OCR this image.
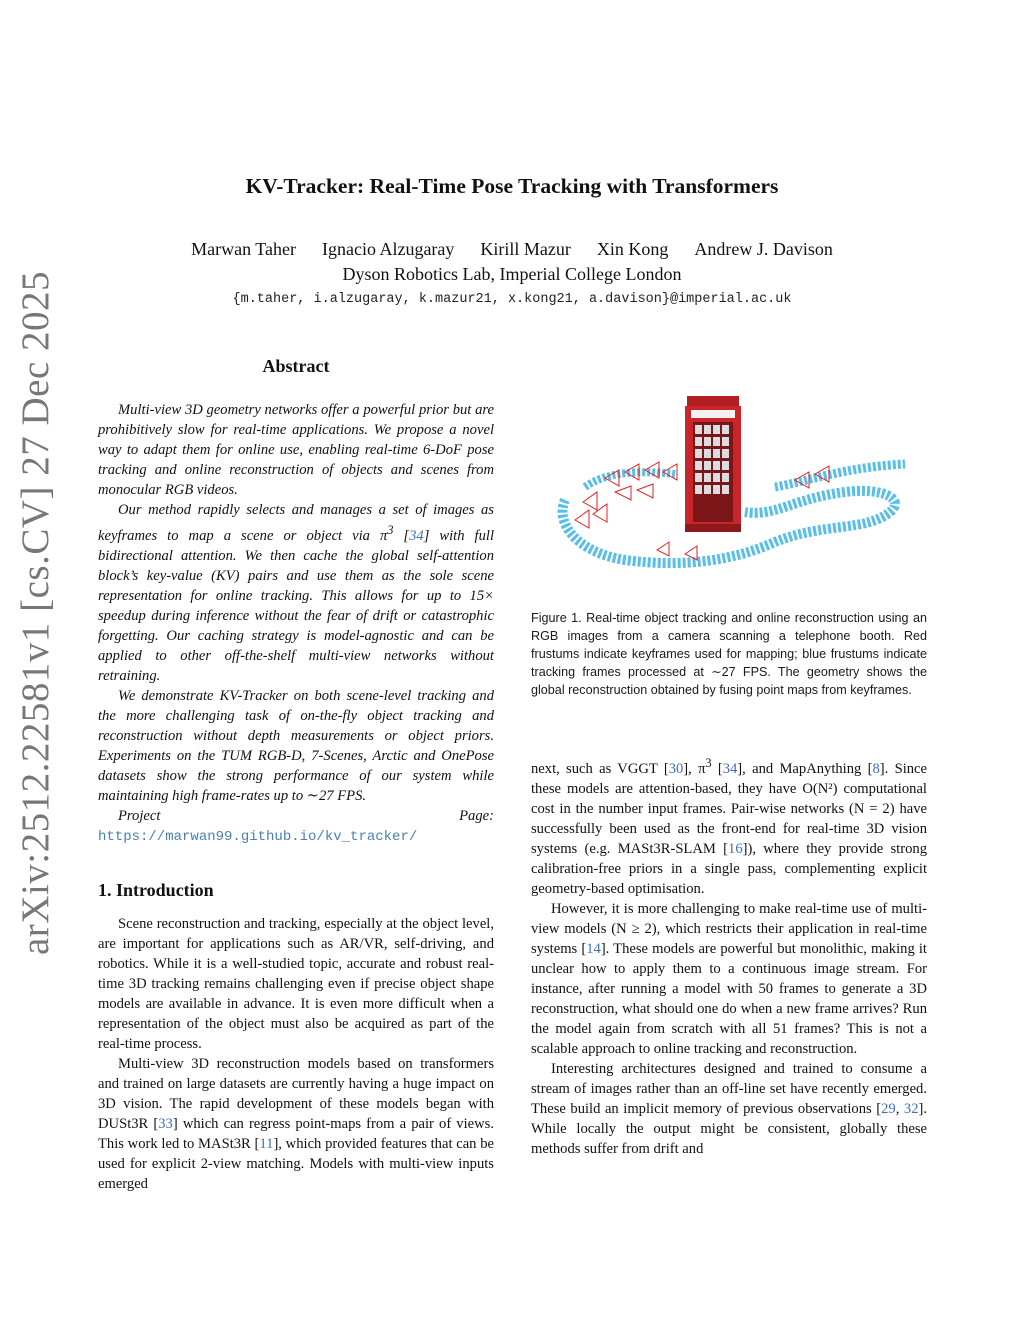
arXiv:2512.22581v1 [cs.CV] 27 Dec 2025
KV-Tracker: Real-Time Pose Tracking with Transformers
Marwan Taher Ignacio Alzugaray Kirill Mazur Xin Kong Andrew J. Davison
Dyson Robotics Lab, Imperial College London
{m.taher, i.alzugaray, k.mazur21, x.kong21, a.davison}@imperial.ac.uk
Abstract

Multi-view 3D geometry networks offer a powerful prior but are prohibitively slow for real-time applications. We propose a novel way to adapt them for online use, enabling real-time 6-DoF pose tracking and online reconstruction of objects and scenes from monocular RGB videos.

Our method rapidly selects and manages a set of images as keyframes to map a scene or object via $\pi^3$ [34] with full bidirectional attention. We then cache the global self-attention block’s key-value (KV) pairs and use them as the sole scene representation for online tracking. This allows for up to 15× speedup during inference without the fear of drift or catastrophic forgetting. Our caching strategy is model-agnostic and can be applied to other off-the-shelf multi-view networks without retraining.

We demonstrate KV-Tracker on both scene-level tracking and the more challenging task of on-the-fly object tracking and reconstruction without depth measurements or object priors. Experiments on the TUM RGB-D, 7-Scenes, Arctic and OnePose datasets show the strong performance of our system while maintaining high frame-rates up to ∼27 FPS.

Project Page: https://marwan99.github.io/kv_tracker/

1. Introduction

Scene reconstruction and tracking, especially at the object level, are important for applications such as AR/VR, self-driving, and robotics. While it is a well-studied topic, accurate and robust real-time 3D tracking remains challenging even if precise object shape models are available in advance. It is even more difficult when a representation of the object must also be acquired as part of the real-time process.

Multi-view 3D reconstruction models based on transformers and trained on large datasets are currently having a huge impact on 3D vision. The rapid development of these models began with DUSt3R [33] which can regress point-maps from a pair of views. This work led to MASt3R [11], which provided features that can be used for explicit 2-view matching. Models with multi-view inputs emerged

Figure 1. Real-time object tracking and online reconstruction using an RGB images from a camera scanning a telephone booth. Red frustums indicate keyframes used for mapping; blue frustums indicate tracking frames processed at ∼27 FPS. The geometry shows the global reconstruction obtained by fusing point maps from keyframes.

next, such as VGGT [30], $\pi^3$ [34], and MapAnything [8]. Since these models are attention-based, they have O(N²) computational cost in the number input frames. Pair-wise networks (N = 2) have successfully been used as the front-end for real-time 3D vision systems (e.g. MASt3R-SLAM [16]), where they provide strong calibration-free priors in a single pass, complementing explicit geometry-based optimisation.

However, it is more challenging to make real-time use of multi-view models (N ≥ 2), which restricts their application in real-time systems [14]. These models are powerful but monolithic, making it unclear how to apply them to a continuous image stream. For instance, after running a model with 50 frames to generate a 3D reconstruction, what should one do when a new frame arrives? Run the model again from scratch with all 51 frames? This is not a scalable approach to online tracking and reconstruction.

Interesting architectures designed and trained to consume a stream of images rather than an off-line set have recently emerged. These build an implicit memory of previous observations [29, 32]. While locally the output might be consistent, globally these methods suffer from drift and
